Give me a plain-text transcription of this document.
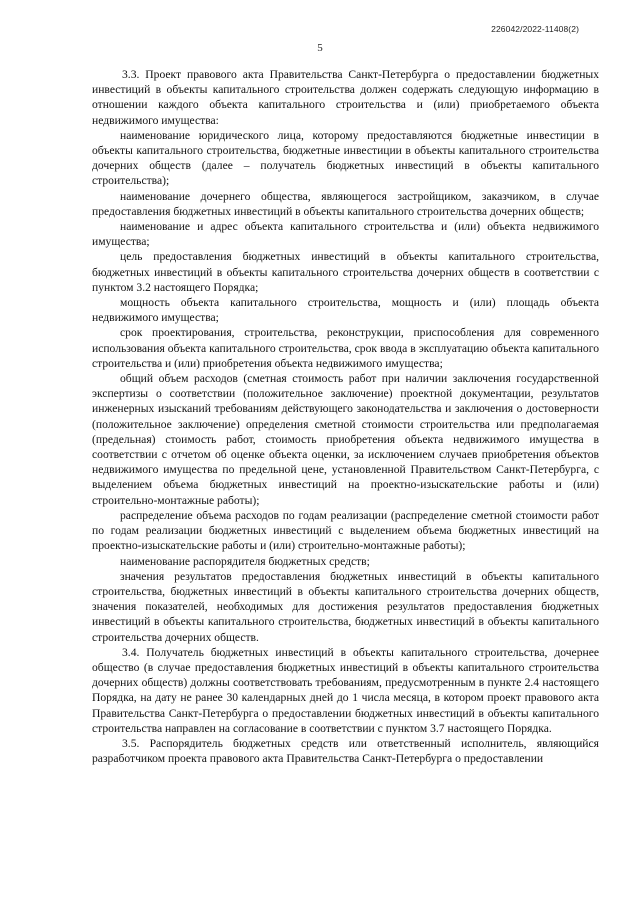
226042/2022-11408(2)
5

3.3. Проект правового акта Правительства Санкт-Петербурга о предоставлении бюджетных инвестиций в объекты капитального строительства должен содержать следующую информацию в отношении каждого объекта капитального строительства и (или) приобретаемого объекта недвижимого имущества:

наименование юридического лица, которому предоставляются бюджетные инвестиции в объекты капитального строительства, бюджетные инвестиции в объекты капитального строительства дочерних обществ (далее – получатель бюджетных инвестиций в объекты капитального строительства);

наименование дочернего общества, являющегося застройщиком, заказчиком, в случае предоставления бюджетных инвестиций в объекты капитального строительства дочерних обществ;

наименование и адрес объекта капитального строительства и (или) объекта недвижимого имущества;

цель предоставления бюджетных инвестиций в объекты капитального строительства, бюджетных инвестиций в объекты капитального строительства дочерних обществ в соответствии с пунктом 3.2 настоящего Порядка;

мощность объекта капитального строительства, мощность и (или) площадь объекта недвижимого имущества;

срок проектирования, строительства, реконструкции, приспособления для современного использования объекта капитального строительства, срок ввода в эксплуатацию объекта капитального строительства и (или) приобретения объекта недвижимого имущества;

общий объем расходов (сметная стоимость работ при наличии заключения государственной экспертизы о соответствии (положительное заключение) проектной документации, результатов инженерных изысканий требованиям действующего законодательства и заключения о достоверности (положительное заключение) определения сметной стоимости строительства или предполагаемая (предельная) стоимость работ, стоимость приобретения объекта недвижимого имущества в соответствии с отчетом об оценке объекта оценки, за исключением случаев приобретения объектов недвижимого имущества по предельной цене, установленной Правительством Санкт-Петербурга, с выделением объема бюджетных инвестиций на проектно-изыскательские работы и (или) строительно-монтажные работы);

распределение объема расходов по годам реализации (распределение сметной стоимости работ по годам реализации бюджетных инвестиций с выделением объема бюджетных инвестиций на проектно-изыскательские работы и (или) строительно-монтажные работы);

наименование распорядителя бюджетных средств;

значения результатов предоставления бюджетных инвестиций в объекты капитального строительства, бюджетных инвестиций в объекты капитального строительства дочерних обществ, значения показателей, необходимых для достижения результатов предоставления бюджетных инвестиций в объекты капитального строительства, бюджетных инвестиций в объекты капитального строительства дочерних обществ.

3.4. Получатель бюджетных инвестиций в объекты капитального строительства, дочернее общество (в случае предоставления бюджетных инвестиций в объекты капитального строительства дочерних обществ) должны соответствовать требованиям, предусмотренным в пункте 2.4 настоящего Порядка, на дату не ранее 30 календарных дней до 1 числа месяца, в котором проект правового акта Правительства Санкт-Петербурга о предоставлении бюджетных инвестиций в объекты капитального строительства направлен на согласование в соответствии с пунктом 3.7 настоящего Порядка.

3.5. Распорядитель бюджетных средств или ответственный исполнитель, являющийся разработчиком проекта правового акта Правительства Санкт-Петербурга о предоставлении
